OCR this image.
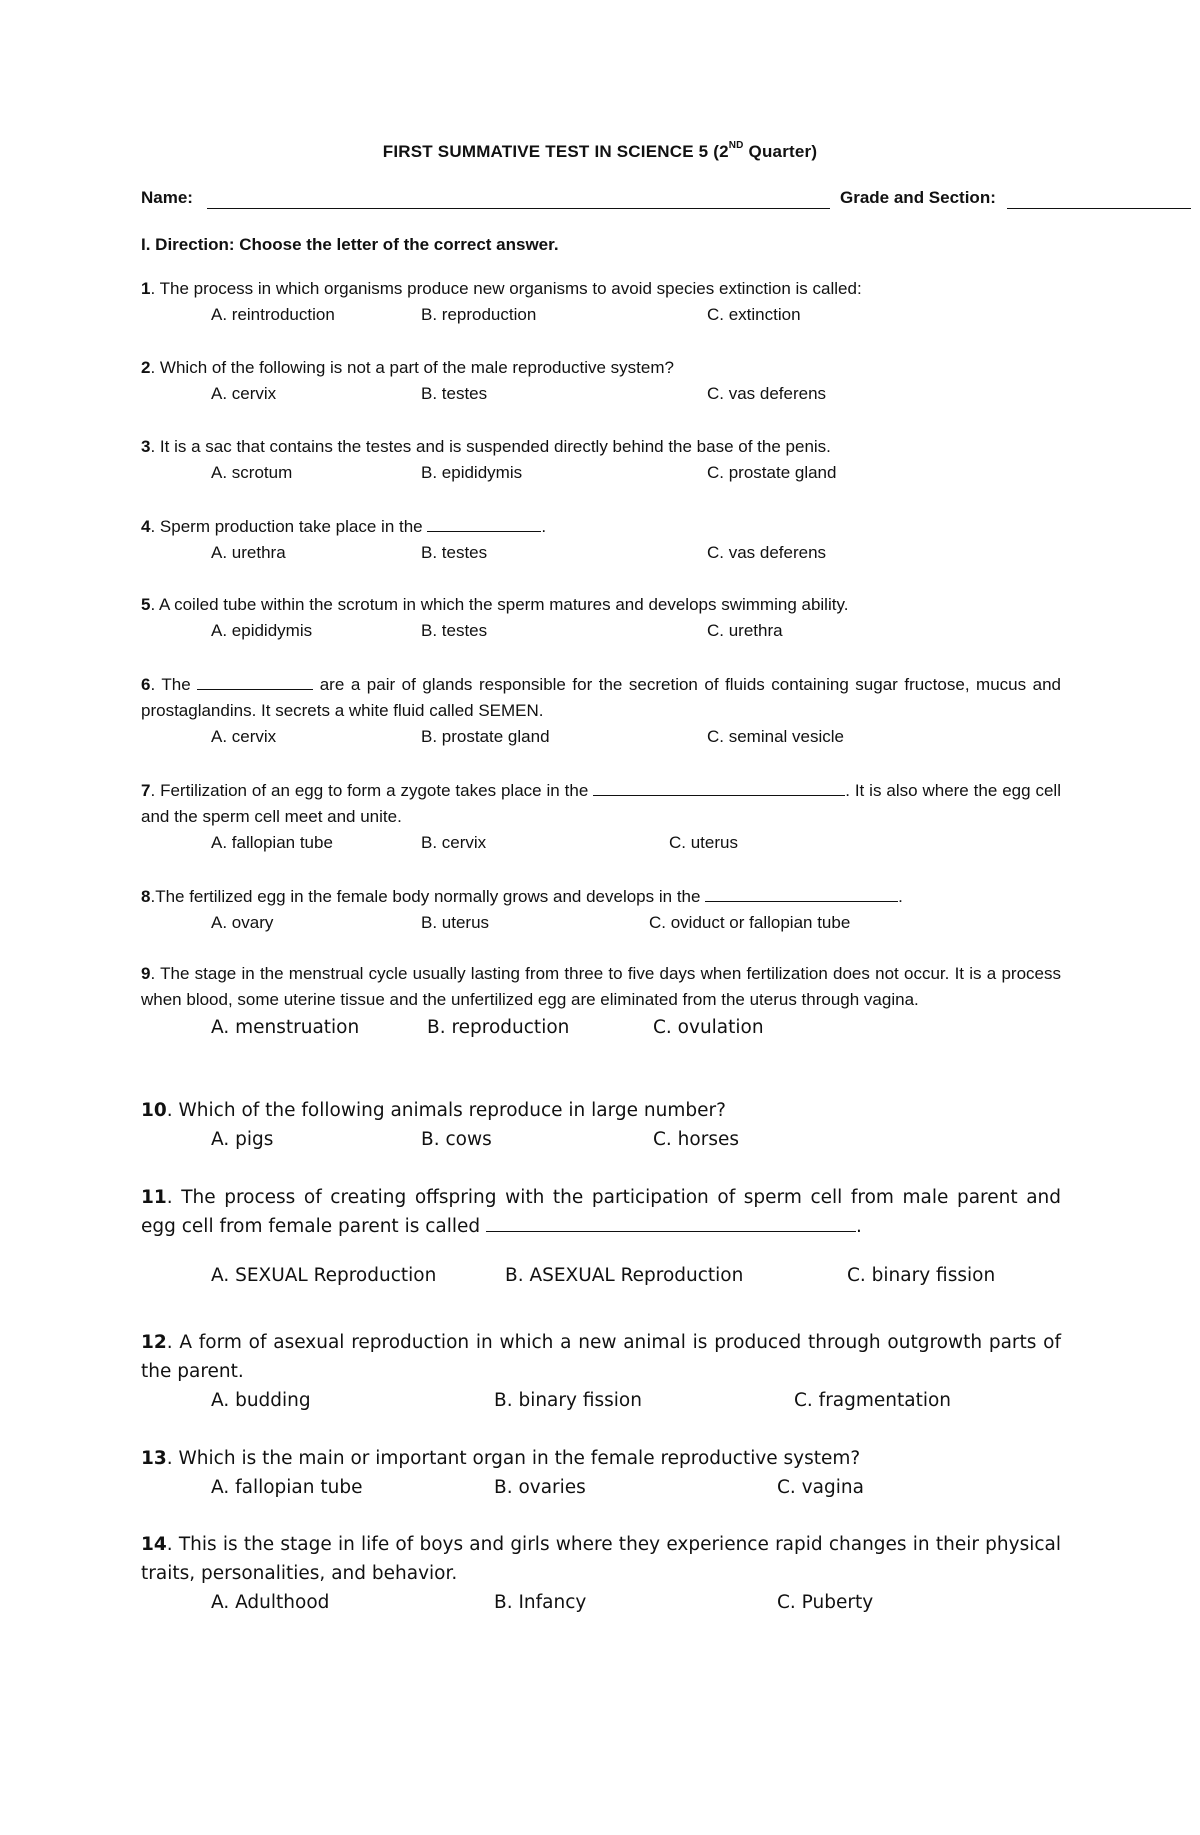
FIRST SUMMATIVE TEST IN SCIENCE 5 (2ND Quarter)
Name:	Grade and Section:
I. Direction: Choose the letter of the correct answer.
1. The process in which organisms produce new organisms to avoid species extinction is called:
A. reintroduction	B. reproduction	C. extinction
2. Which of the following is not a part of the male reproductive system?
A. cervix	B. testes	C. vas deferens
3. It is a sac that contains the testes and is suspended directly behind the base of the penis.
A. scrotum	B. epididymis	C. prostate gland
4. Sperm production take place in the	.
A. urethra	B. testes	C. vas deferens
5. A coiled tube within the scrotum in which the sperm matures and develops swimming ability.
A. epididymis	B. testes	C. urethra
6. The	are a pair of glands responsible for the secretion of fluids containing sugar fructose, mucus and prostaglandins. It secrets a white fluid called SEMEN.
A. cervix	B. prostate gland	C. seminal vesicle
7. Fertilization of an egg to form a zygote takes place in the	. It is also where the egg cell and the sperm cell meet and unite.
A. fallopian tube	B. cervix	C. uterus
8.The fertilized egg in the female body normally grows and develops in the	.
A. ovary	B. uterus	C. oviduct or fallopian tube
9. The stage in the menstrual cycle usually lasting from three to five days when fertilization does not occur. It is a process when blood, some uterine tissue and the unfertilized egg are eliminated from the uterus through vagina.
A. menstruation	B. reproduction	C. ovulation
10. Which of the following animals reproduce in large number?
A. pigs	B. cows	C. horses
11. The process of creating offspring with the participation of sperm cell from male parent and egg cell from female parent is called	.
A. SEXUAL Reproduction	B. ASEXUAL Reproduction	C. binary fission
12. A form of asexual reproduction in which a new animal is produced through outgrowth parts of the parent.
A. budding	B. binary fission	C. fragmentation
13. Which is the main or important organ in the female reproductive system?
A. fallopian tube	B. ovaries	C. vagina
14. This is the stage in life of boys and girls where they experience rapid changes in their physical traits, personalities, and behavior.
A. Adulthood	B. Infancy	C. Puberty
